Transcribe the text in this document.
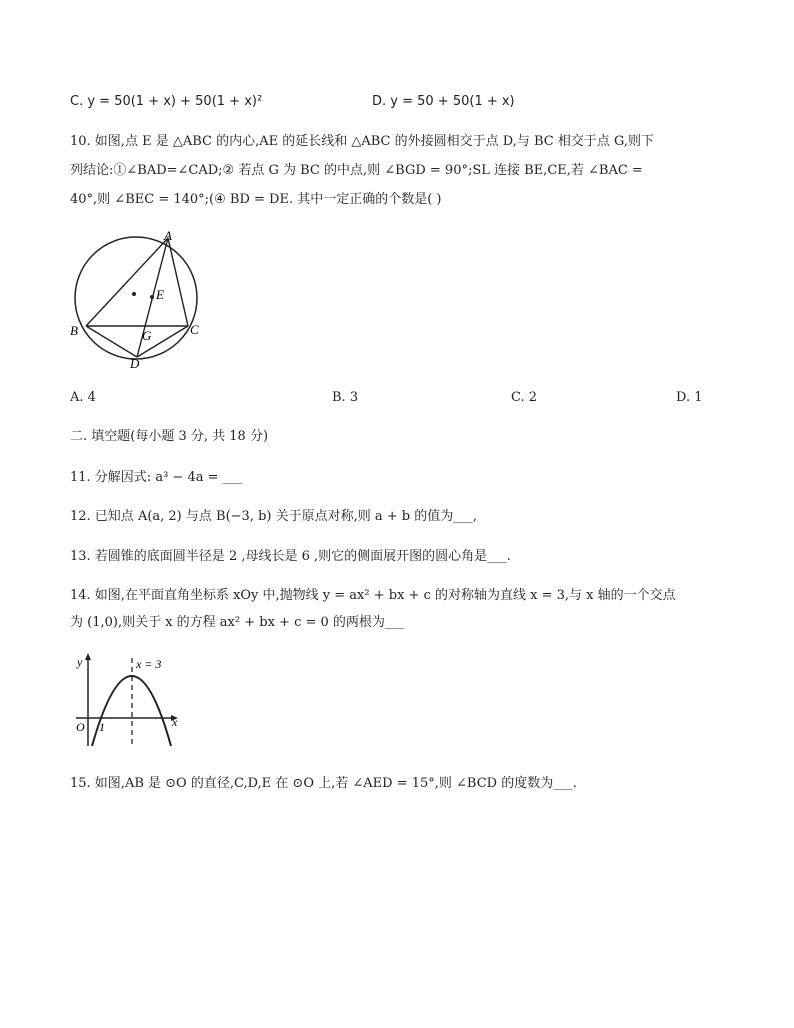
C. y = 50(1 + x) + 50(1 + x)²	D. y = 50 + 50(1 + x)
10. 如图,点 E 是 △ABC 的内心,AE 的延长线和 △ABC 的外接圆相交于点 D,与 BC 相交于点 G,则下
列结论:①∠BAD=∠CAD;② 若点 G 为 BC 的中点,则 ∠BGD = 90°;SL 连接 BE,CE,若 ∠BAC =
40°,则 ∠BEC = 140°;(④ BD = DE. 其中一定正确的个数是( )
A
E
B	C
G
D
A. 4	B. 3	C. 2	D. 1
二. 填空题(每小题 3 分, 共 18 分)
11. 分解因式: a³ − 4a = ___
12. 已知点 A(a, 2) 与点 B(−3, b) 关于原点对称,则 a + b 的值为___,
13. 若圆锥的底面圆半径是 2 ,母线长是 6 ,则它的侧面展开图的圆心角是___.
14. 如图,在平面直角坐标系 xOy 中,抛物线 y = ax² + bx + c 的对称轴为直线 x = 3,与 x 轴的一个交点
为 (1,0),则关于 x 的方程 ax² + bx + c = 0 的两根为___
y
x
O 1
x = 3
15. 如图,AB 是 ⊙O 的直径,C,D,E 在 ⊙O 上,若 ∠AED = 15°,则 ∠BCD 的度数为___.
